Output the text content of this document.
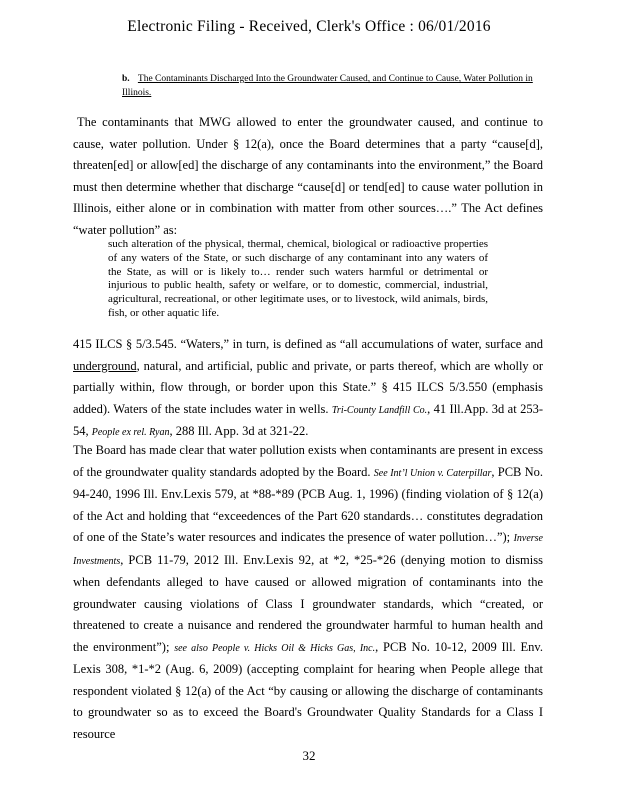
Electronic Filing - Received, Clerk's Office : 06/01/2016
b. The Contaminants Discharged Into the Groundwater Caused, and Continue to Cause, Water Pollution in Illinois.

The contaminants that MWG allowed to enter the groundwater caused, and continue to cause, water pollution. Under § 12(a), once the Board determines that a party “cause[d], threaten[ed] or allow[ed] the discharge of any contaminants into the environment,” the Board must then determine whether that discharge “cause[d] or tend[ed] to cause water pollution in Illinois, either alone or in combination with matter from other sources….” The Act defines “water pollution” as:

such alteration of the physical, thermal, chemical, biological or radioactive properties of any waters of the State, or such discharge of any contaminant into any waters of the State, as will or is likely to… render such waters harmful or detrimental or injurious to public health, safety or welfare, or to domestic, commercial, industrial, agricultural, recreational, or other legitimate uses, or to livestock, wild animals, birds, fish, or other aquatic life.

415 ILCS § 5/3.545. “Waters,” in turn, is defined as “all accumulations of water, surface and underground, natural, and artificial, public and private, or parts thereof, which are wholly or partially within, flow through, or border upon this State.” § 415 ILCS 5/3.550 (emphasis added). Waters of the state includes water in wells. Tri-County Landfill Co., 41 Ill.App. 3d at 253-54, People ex rel. Ryan, 288 Ill. App. 3d at 321-22.

The Board has made clear that water pollution exists when contaminants are present in excess of the groundwater quality standards adopted by the Board. See Int’l Union v. Caterpillar, PCB No. 94-240, 1996 Ill. Env.Lexis 579, at *88-*89 (PCB Aug. 1, 1996) (finding violation of § 12(a) of the Act and holding that “exceedences of the Part 620 standards… constitutes degradation of one of the State’s water resources and indicates the presence of water pollution…”); Inverse Investments, PCB 11-79, 2012 Ill. Env.Lexis 92, at *2, *25-*26 (denying motion to dismiss when defendants alleged to have caused or allowed migration of contaminants into the groundwater causing violations of Class I groundwater standards, which “created, or threatened to create a nuisance and rendered the groundwater harmful to human health and the environment”); see also People v. Hicks Oil & Hicks Gas, Inc., PCB No. 10-12, 2009 Ill. Env. Lexis 308, *1-*2 (Aug. 6, 2009) (accepting complaint for hearing when People allege that respondent violated § 12(a) of the Act “by causing or allowing the discharge of contaminants to groundwater so as to exceed the Board's Groundwater Quality Standards for a Class I resource

32
